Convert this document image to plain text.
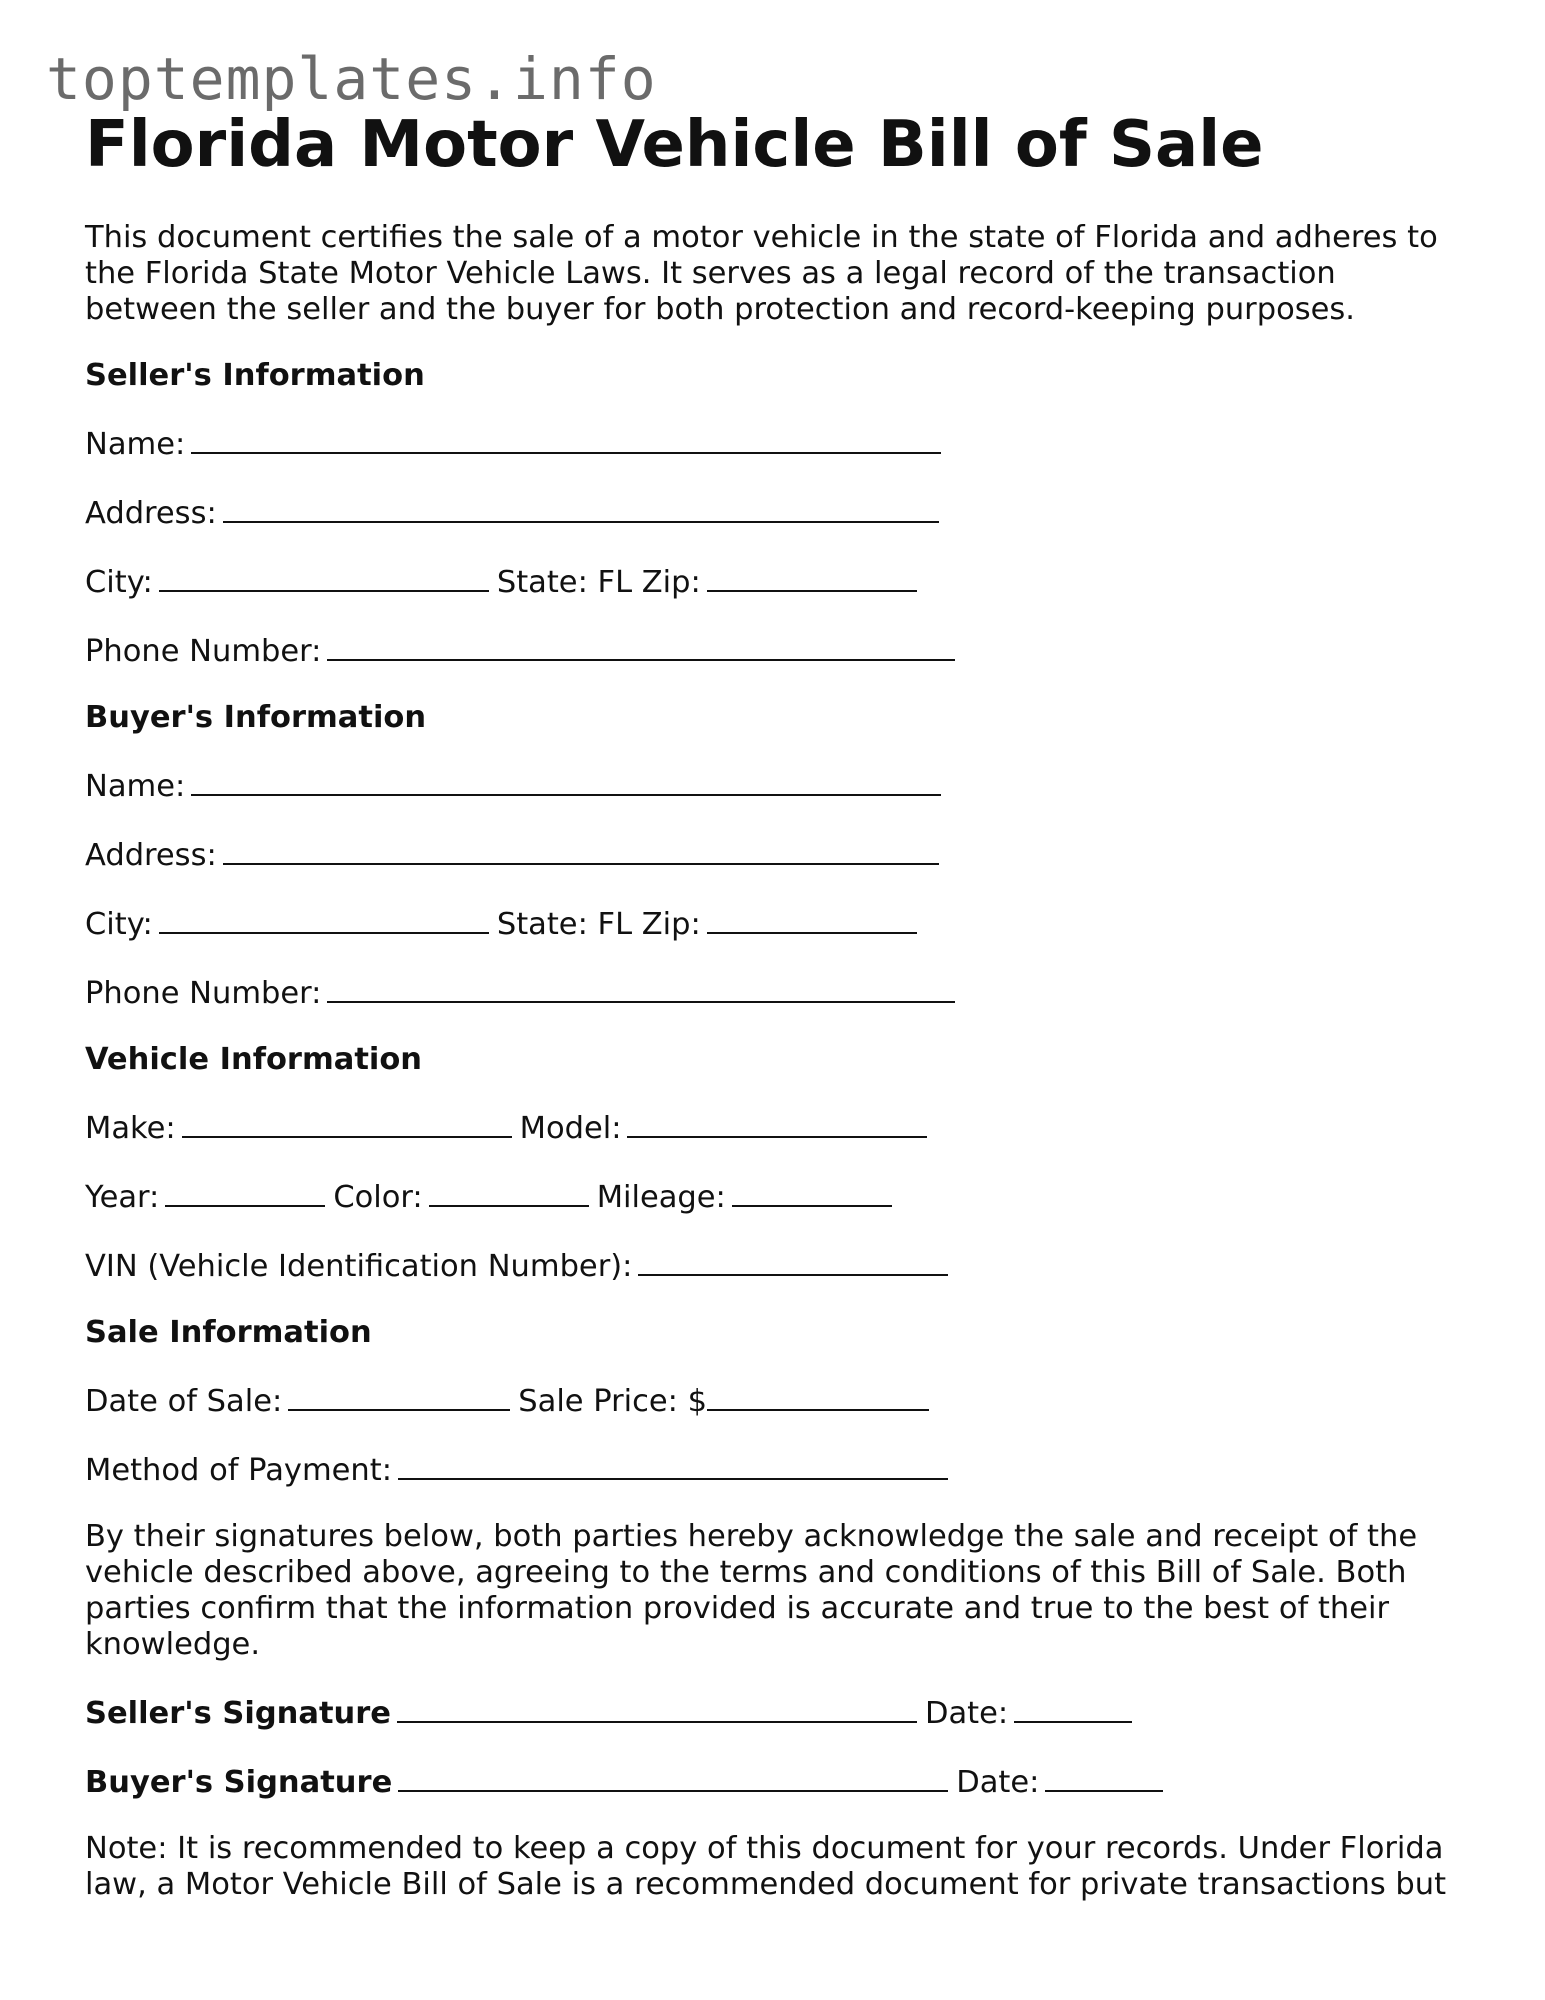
toptemplates.info
Florida Motor Vehicle Bill of Sale

This document certifies the sale of a motor vehicle in the state of Florida and adheres to the Florida State Motor Vehicle Laws. It serves as a legal record of the transaction between the seller and the buyer for both protection and record-keeping purposes.

Seller's Information

Name:

Address:

City:	State: FL Zip:

Phone Number:

Buyer's Information

Name:

Address:

City:	State: FL Zip:

Phone Number:

Vehicle Information

Make:	Model:

Year:	Color:	Mileage:

VIN (Vehicle Identification Number):

Sale Information

Date of Sale:	Sale Price: $

Method of Payment:

By their signatures below, both parties hereby acknowledge the sale and receipt of the vehicle described above, agreeing to the terms and conditions of this Bill of Sale. Both parties confirm that the information provided is accurate and true to the best of their knowledge.

Seller's Signature	Date:

Buyer's Signature	Date:

Note: It is recommended to keep a copy of this document for your records. Under Florida law, a Motor Vehicle Bill of Sale is a recommended document for private transactions but
